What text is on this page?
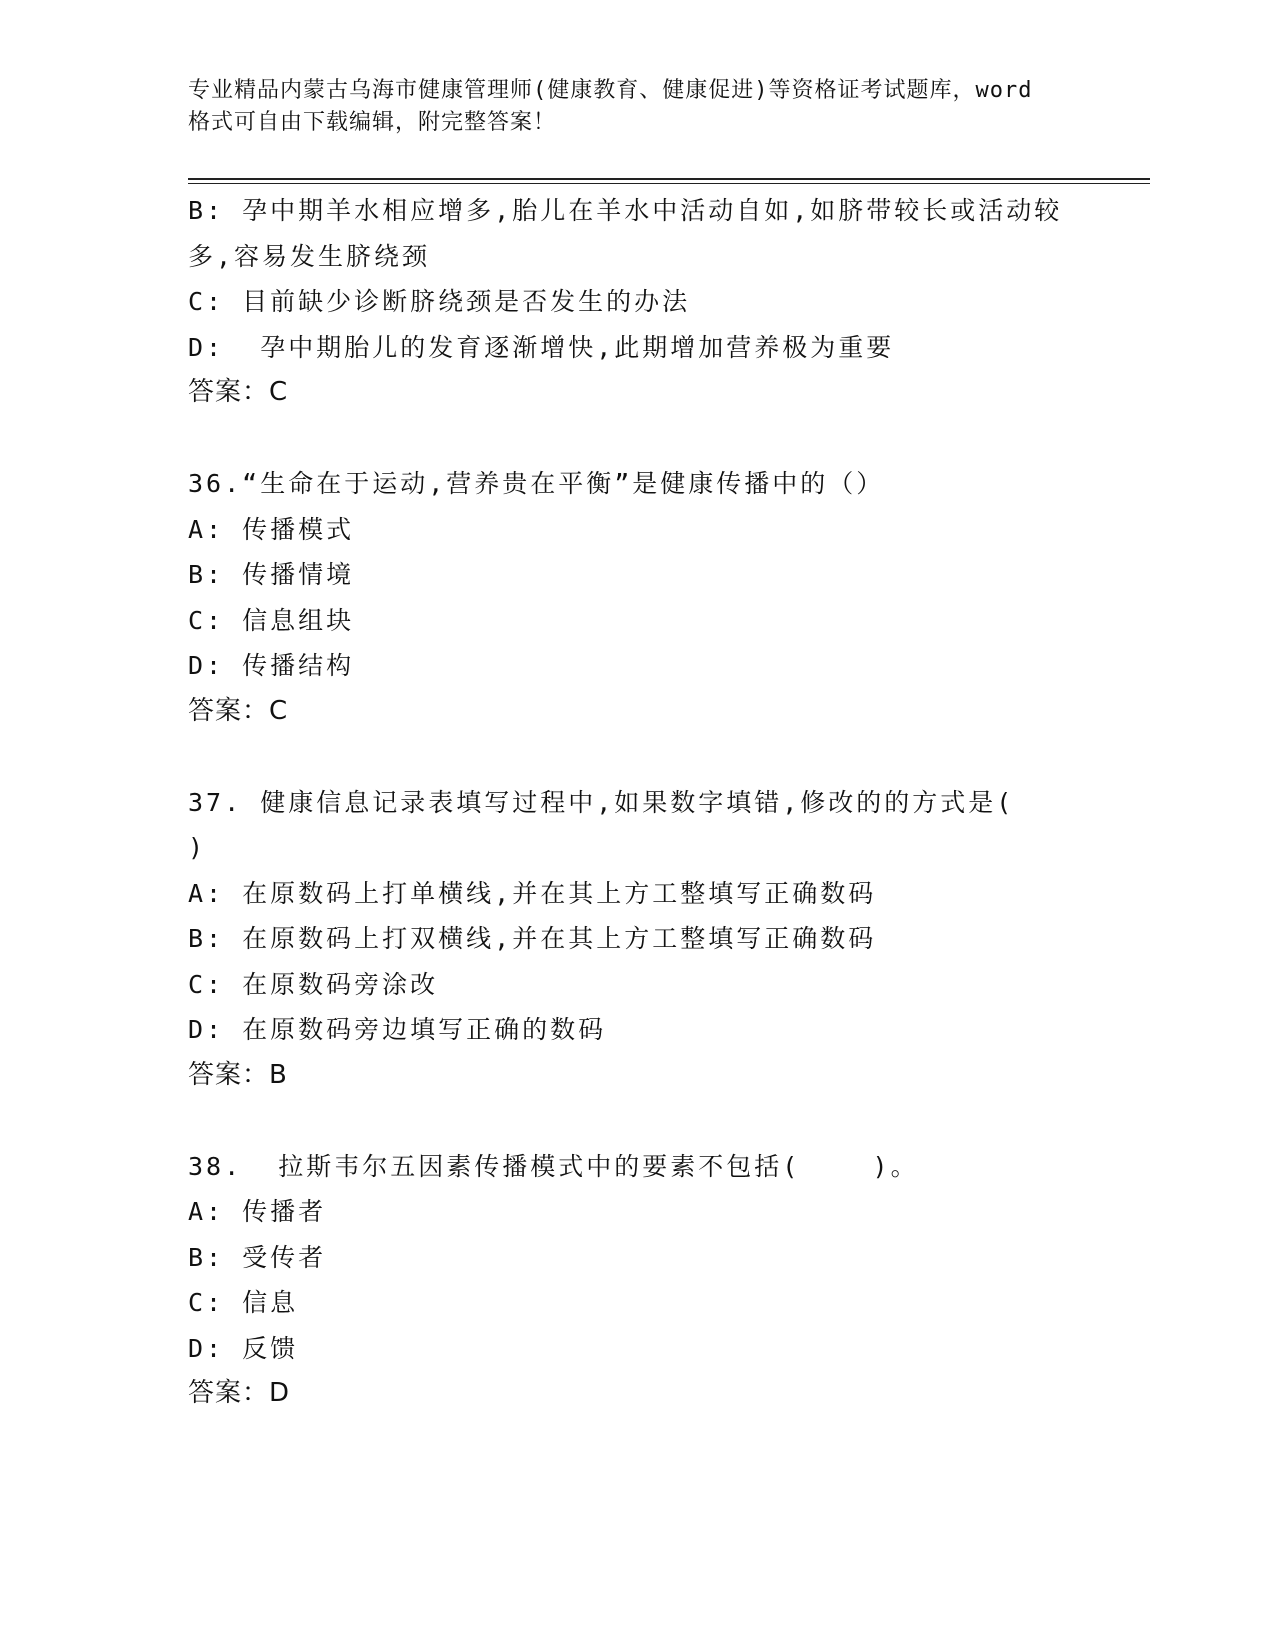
专业精品内蒙古乌海市健康管理师(健康教育、健康促进)等资格证考试题库，word
格式可自由下载编辑，附完整答案！
B: 孕中期羊水相应增多,胎儿在羊水中活动自如,如脐带较长或活动较
多,容易发生脐绕颈
C: 目前缺少诊断脐绕颈是否发生的办法
D:  孕中期胎儿的发育逐渐增快,此期增加营养极为重要
答案：C
36.“生命在于运动,营养贵在平衡”是健康传播中的（）
A: 传播模式
B: 传播情境
C: 信息组块
D: 传播结构
答案：C
37. 健康信息记录表填写过程中,如果数字填错,修改的的方式是(
)
A: 在原数码上打单横线,并在其上方工整填写正确数码
B: 在原数码上打双横线,并在其上方工整填写正确数码
C: 在原数码旁涂改
D: 在原数码旁边填写正确的数码
答案：B
38.  拉斯韦尔五因素传播模式中的要素不包括(    )。
A: 传播者
B: 受传者
C: 信息
D: 反馈
答案：D
